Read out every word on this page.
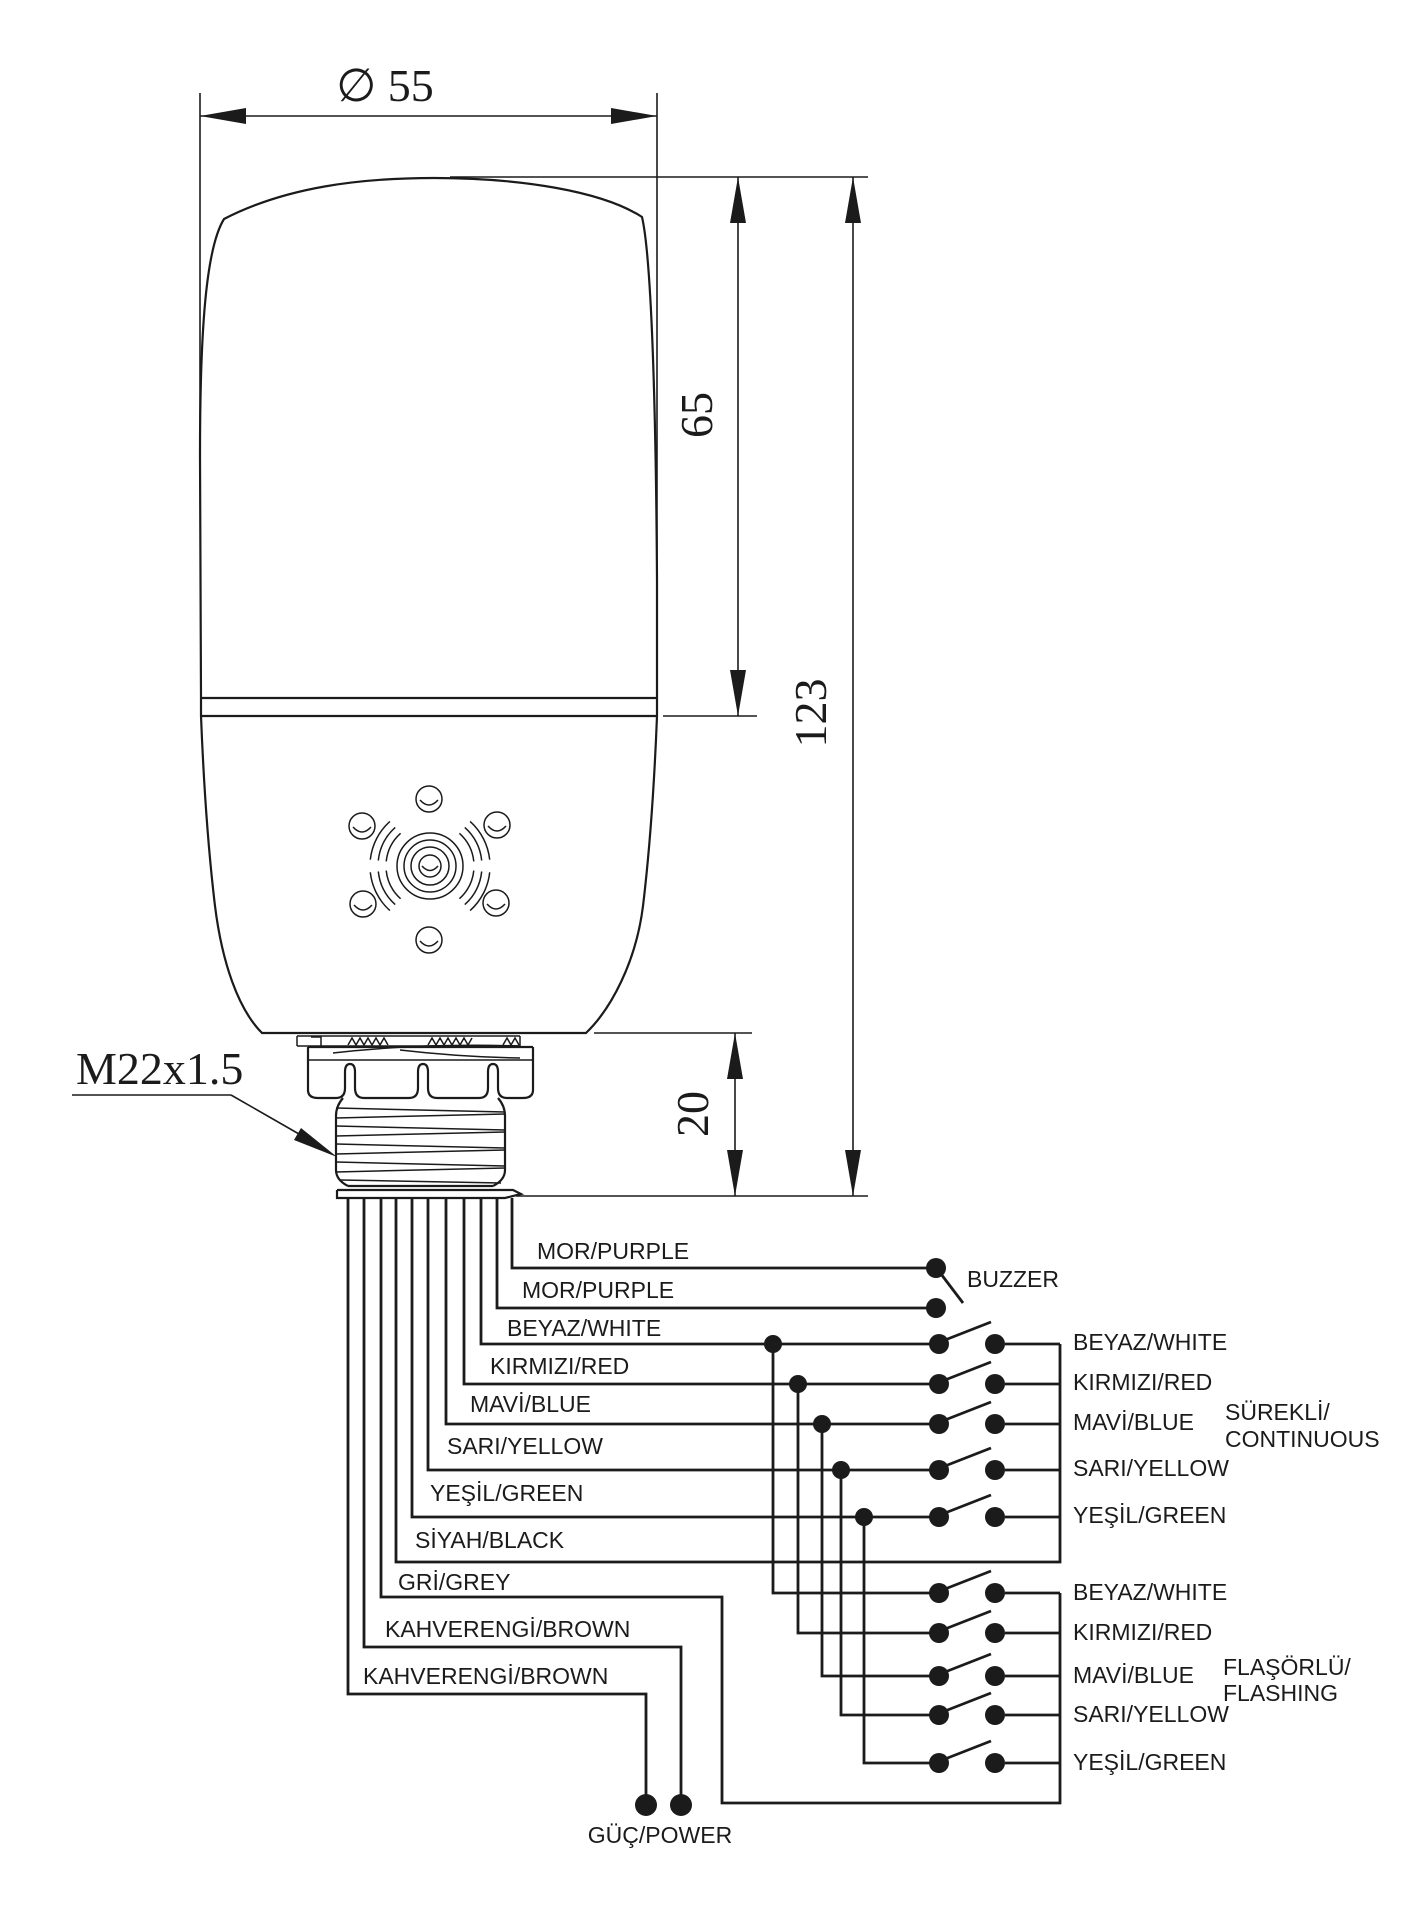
∅ 55
65
123
20
M22x1.5
MOR/PURPLE
MOR/PURPLE
BEYAZ/WHITE
KIRMIZI/RED
MAVİ/BLUE
SARI/YELLOW
YEŞİL/GREEN
SİYAH/BLACK
GRİ/GREY
KAHVERENGİ/BROWN
KAHVERENGİ/BROWN
BUZZER
BEYAZ/WHITE
KIRMIZI/RED
MAVİ/BLUE
SARI/YELLOW
YEŞİL/GREEN
SÜREKLİ/
CONTINUOUS
BEYAZ/WHITE
KIRMIZI/RED
MAVİ/BLUE
SARI/YELLOW
YEŞİL/GREEN
FLAŞÖRLÜ/
FLASHING
GÜÇ/POWER
